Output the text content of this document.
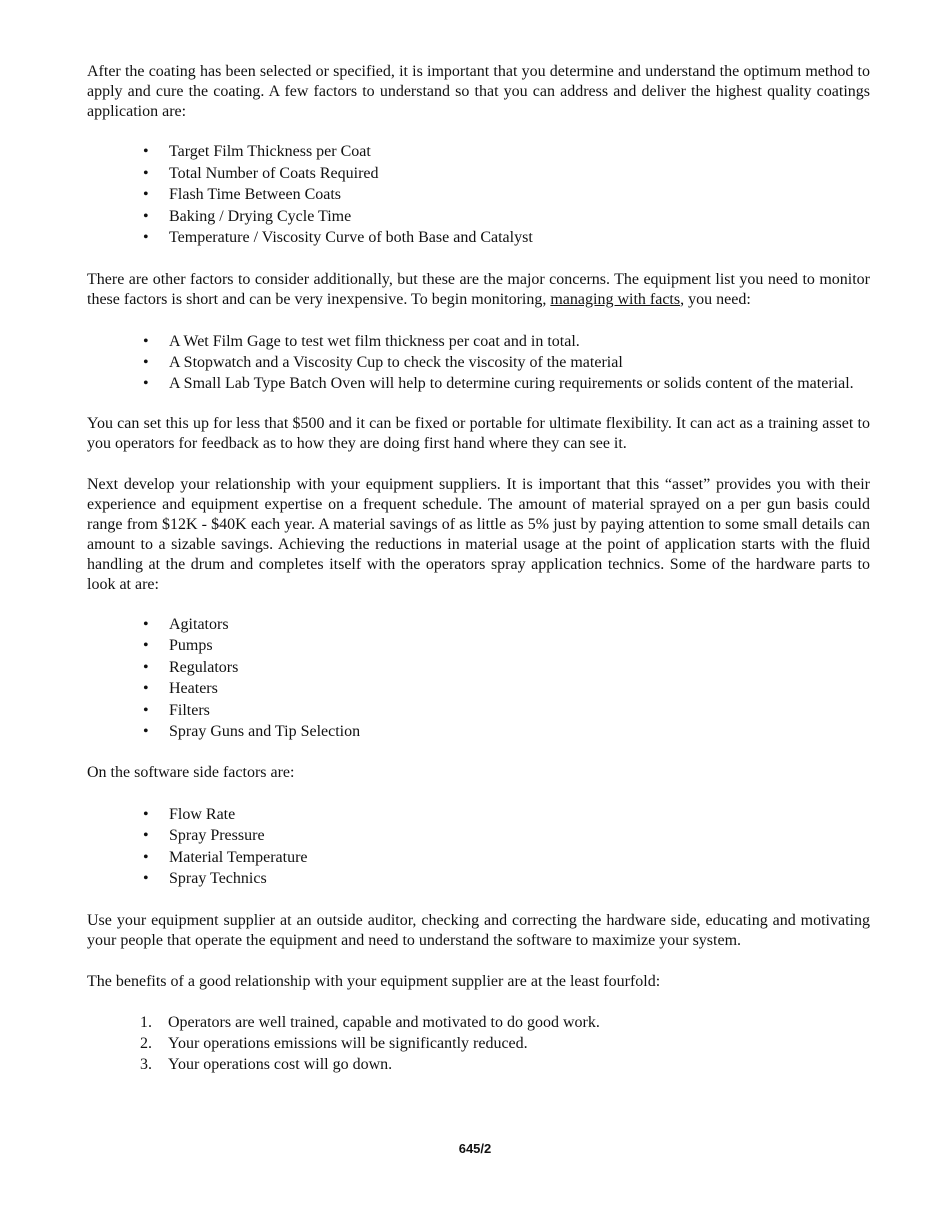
After the coating has been selected or specified, it is important that you determine and understand the optimum method to apply and cure the coating. A few factors to understand so that you can address and deliver the highest quality coatings application are:

• Target Film Thickness per Coat
• Total Number of Coats Required
• Flash Time Between Coats
• Baking / Drying Cycle Time
• Temperature / Viscosity Curve of both Base and Catalyst

There are other factors to consider additionally, but these are the major concerns. The equipment list you need to monitor these factors is short and can be very inexpensive. To begin monitoring, managing with facts, you need:

• A Wet Film Gage to test wet film thickness per coat and in total.
• A Stopwatch and a Viscosity Cup to check the viscosity of the material
• A Small Lab Type Batch Oven will help to determine curing requirements or solids content of the material.

You can set this up for less that $500 and it can be fixed or portable for ultimate flexibility. It can act as a training asset to you operators for feedback as to how they are doing first hand where they can see it.

Next develop your relationship with your equipment suppliers. It is important that this “asset” provides you with their experience and equipment expertise on a frequent schedule. The amount of material sprayed on a per gun basis could range from $12K - $40K each year. A material savings of as little as 5% just by paying attention to some small details can amount to a sizable savings. Achieving the reductions in material usage at the point of application starts with the fluid handling at the drum and completes itself with the operators spray application technics. Some of the hardware parts to look at are:

• Agitators
• Pumps
• Regulators
• Heaters
• Filters
• Spray Guns and Tip Selection

On the software side factors are:

• Flow Rate
• Spray Pressure
• Material Temperature
• Spray Technics

Use your equipment supplier at an outside auditor, checking and correcting the hardware side, educating and motivating your people that operate the equipment and need to understand the software to maximize your system.

The benefits of a good relationship with your equipment supplier are at the least fourfold:

1. Operators are well trained, capable and motivated to do good work.
2. Your operations emissions will be significantly reduced.
3. Your operations cost will go down.
645/2
